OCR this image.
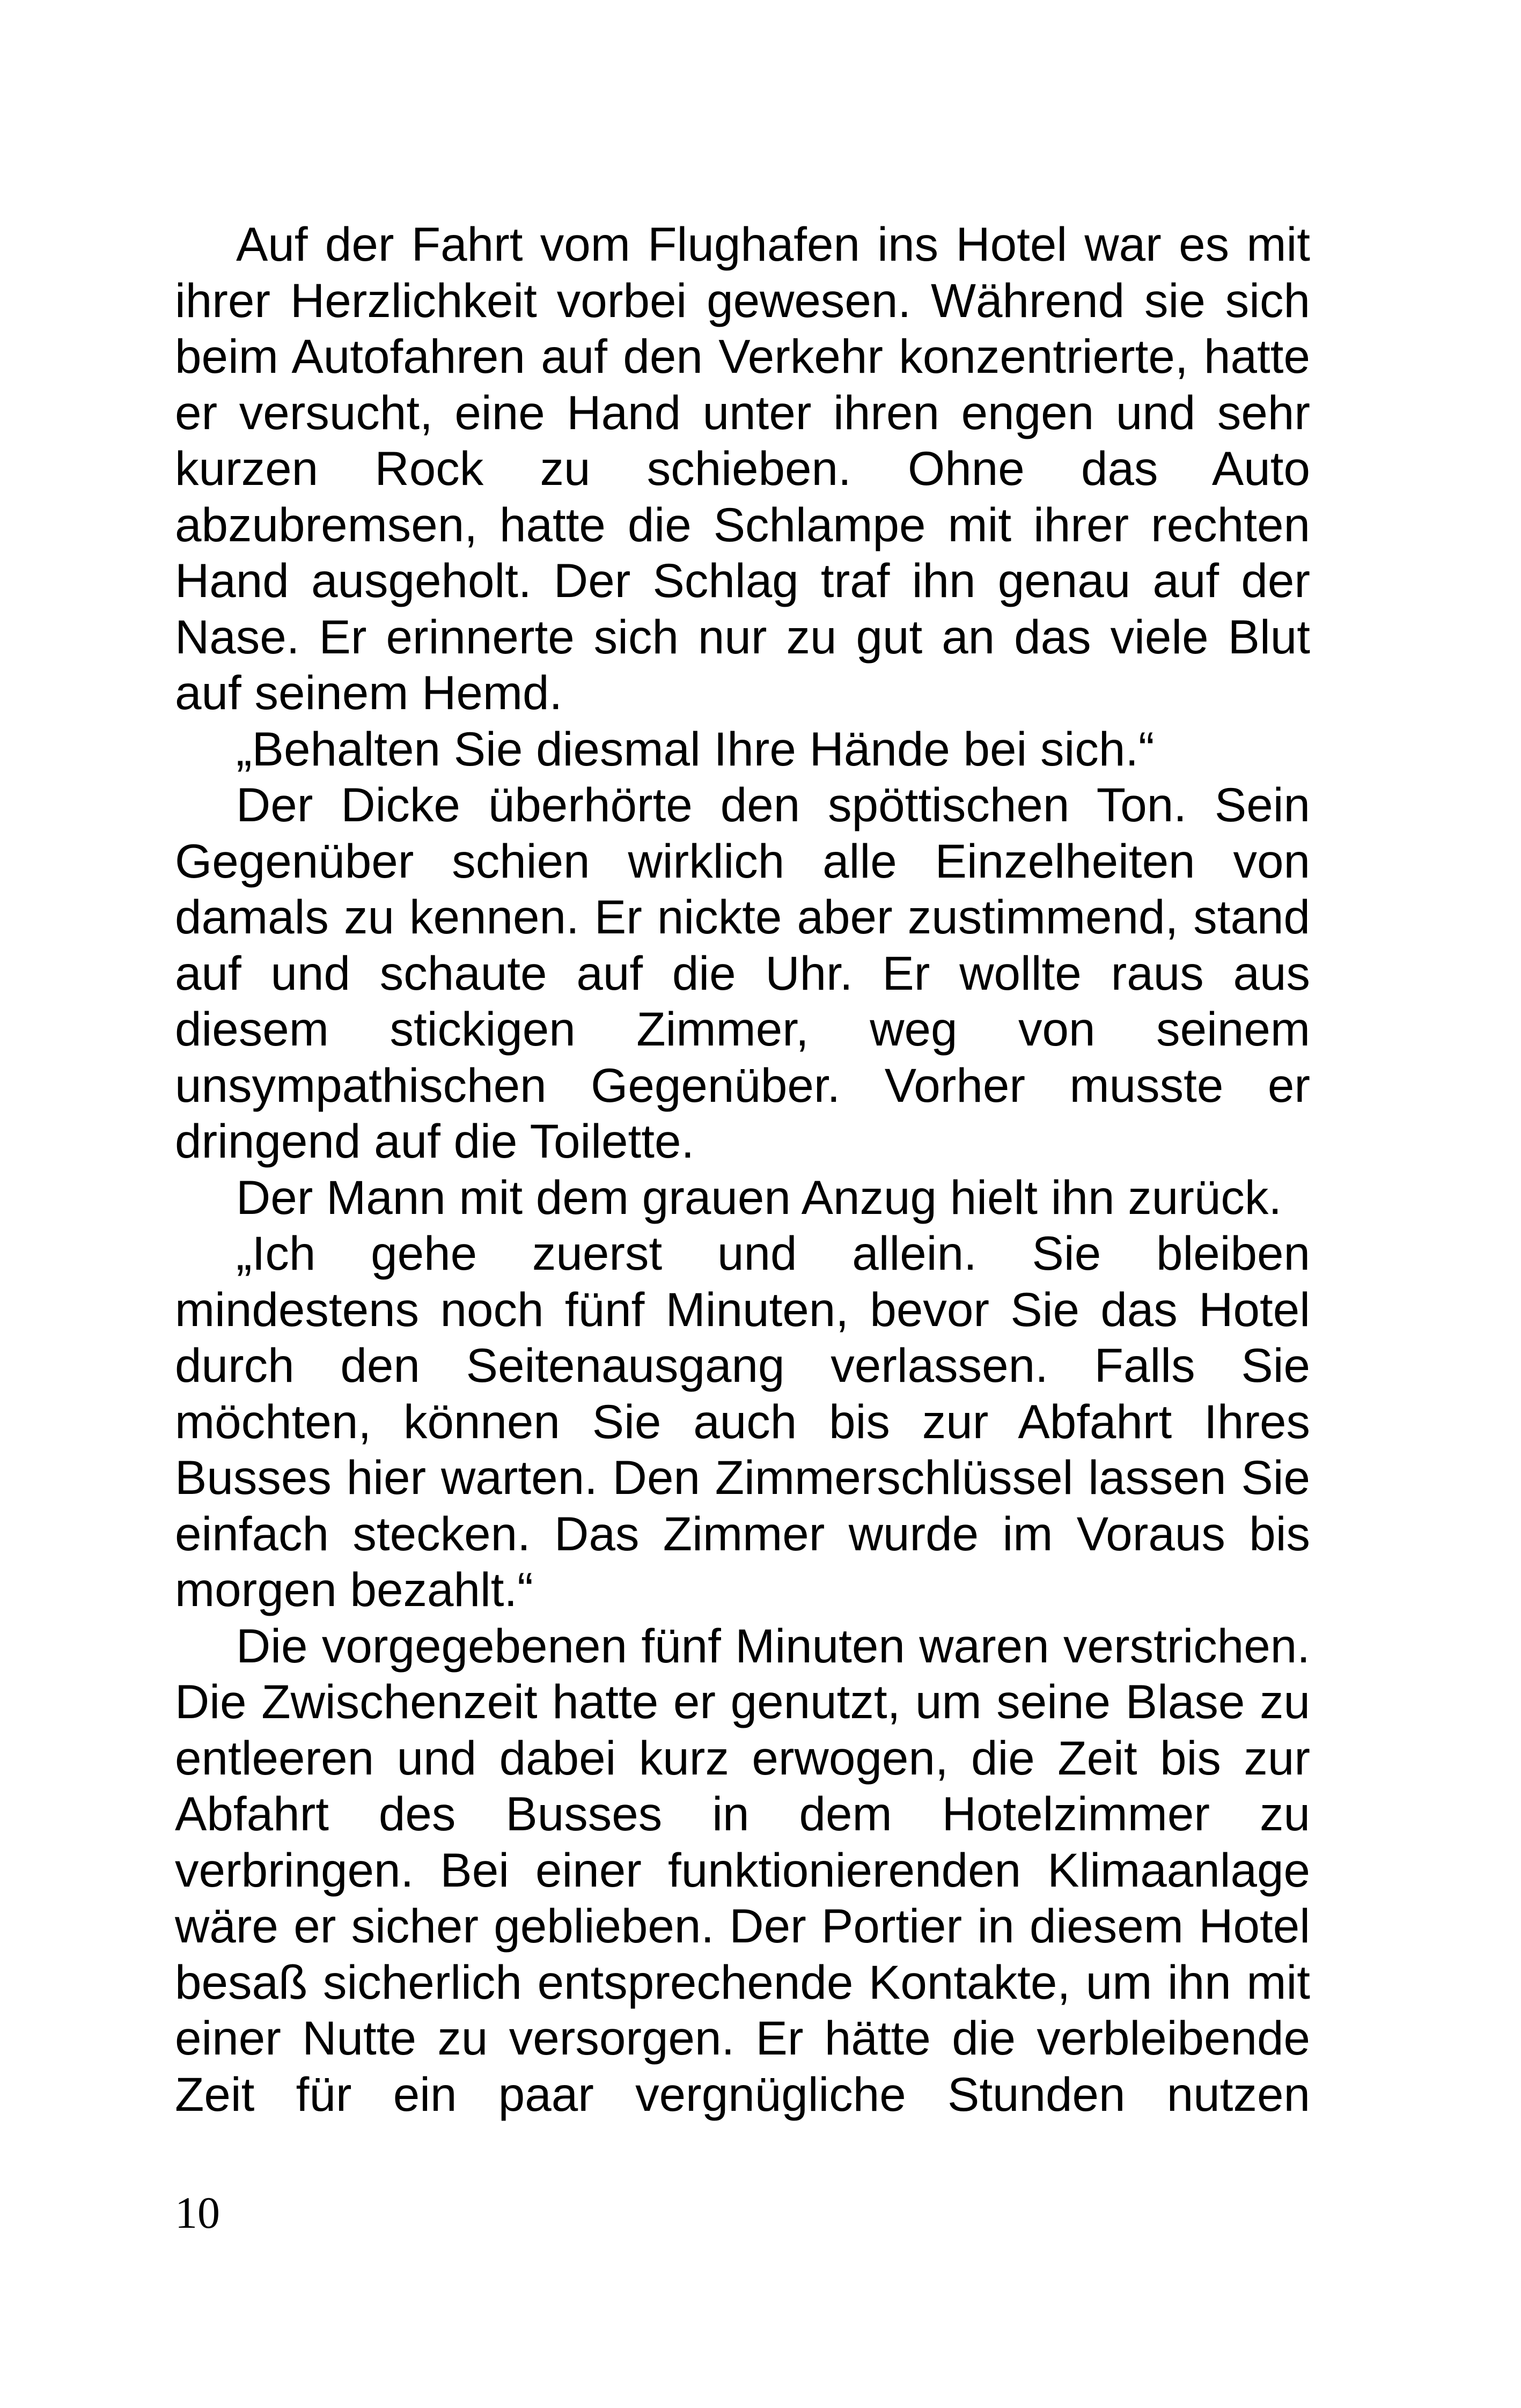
Auf der Fahrt vom Flughafen ins Hotel war es mit ihrer Herzlichkeit vorbei gewesen. Während sie sich beim Autofahren auf den Verkehr konzentrierte, hatte er versucht, eine Hand unter ihren engen und sehr kurzen Rock zu schieben. Ohne das Auto abzubremsen, hatte die Schlampe mit ihrer rechten Hand ausgeholt. Der Schlag traf ihn genau auf der Nase. Er erinnerte sich nur zu gut an das viele Blut auf seinem Hemd.

„Behalten Sie diesmal Ihre Hände bei sich.“

Der Dicke überhörte den spöttischen Ton. Sein Gegenüber schien wirklich alle Einzelheiten von damals zu kennen. Er nickte aber zustimmend, stand auf und schaute auf die Uhr. Er wollte raus aus diesem stickigen Zimmer, weg von seinem unsympathischen Gegenüber. Vorher musste er dringend auf die Toilette.

Der Mann mit dem grauen Anzug hielt ihn zurück.

„Ich gehe zuerst und allein. Sie bleiben mindestens noch fünf Minuten, bevor Sie das Hotel durch den Seitenausgang verlassen. Falls Sie möchten, können Sie auch bis zur Abfahrt Ihres Busses hier warten. Den Zimmerschlüssel lassen Sie einfach stecken. Das Zimmer wurde im Voraus bis morgen bezahlt.“

Die vorgegebenen fünf Minuten waren verstrichen. Die Zwischenzeit hatte er genutzt, um seine Blase zu entleeren und dabei kurz erwogen, die Zeit bis zur Abfahrt des Busses in dem Hotelzimmer zu verbringen. Bei einer funktionierenden Klimaanlage wäre er sicher geblieben. Der Portier in diesem Hotel besaß sicherlich entsprechende Kontakte, um ihn mit einer Nutte zu versorgen. Er hätte die verbleibende Zeit für ein paar vergnügliche Stunden nutzen

10
